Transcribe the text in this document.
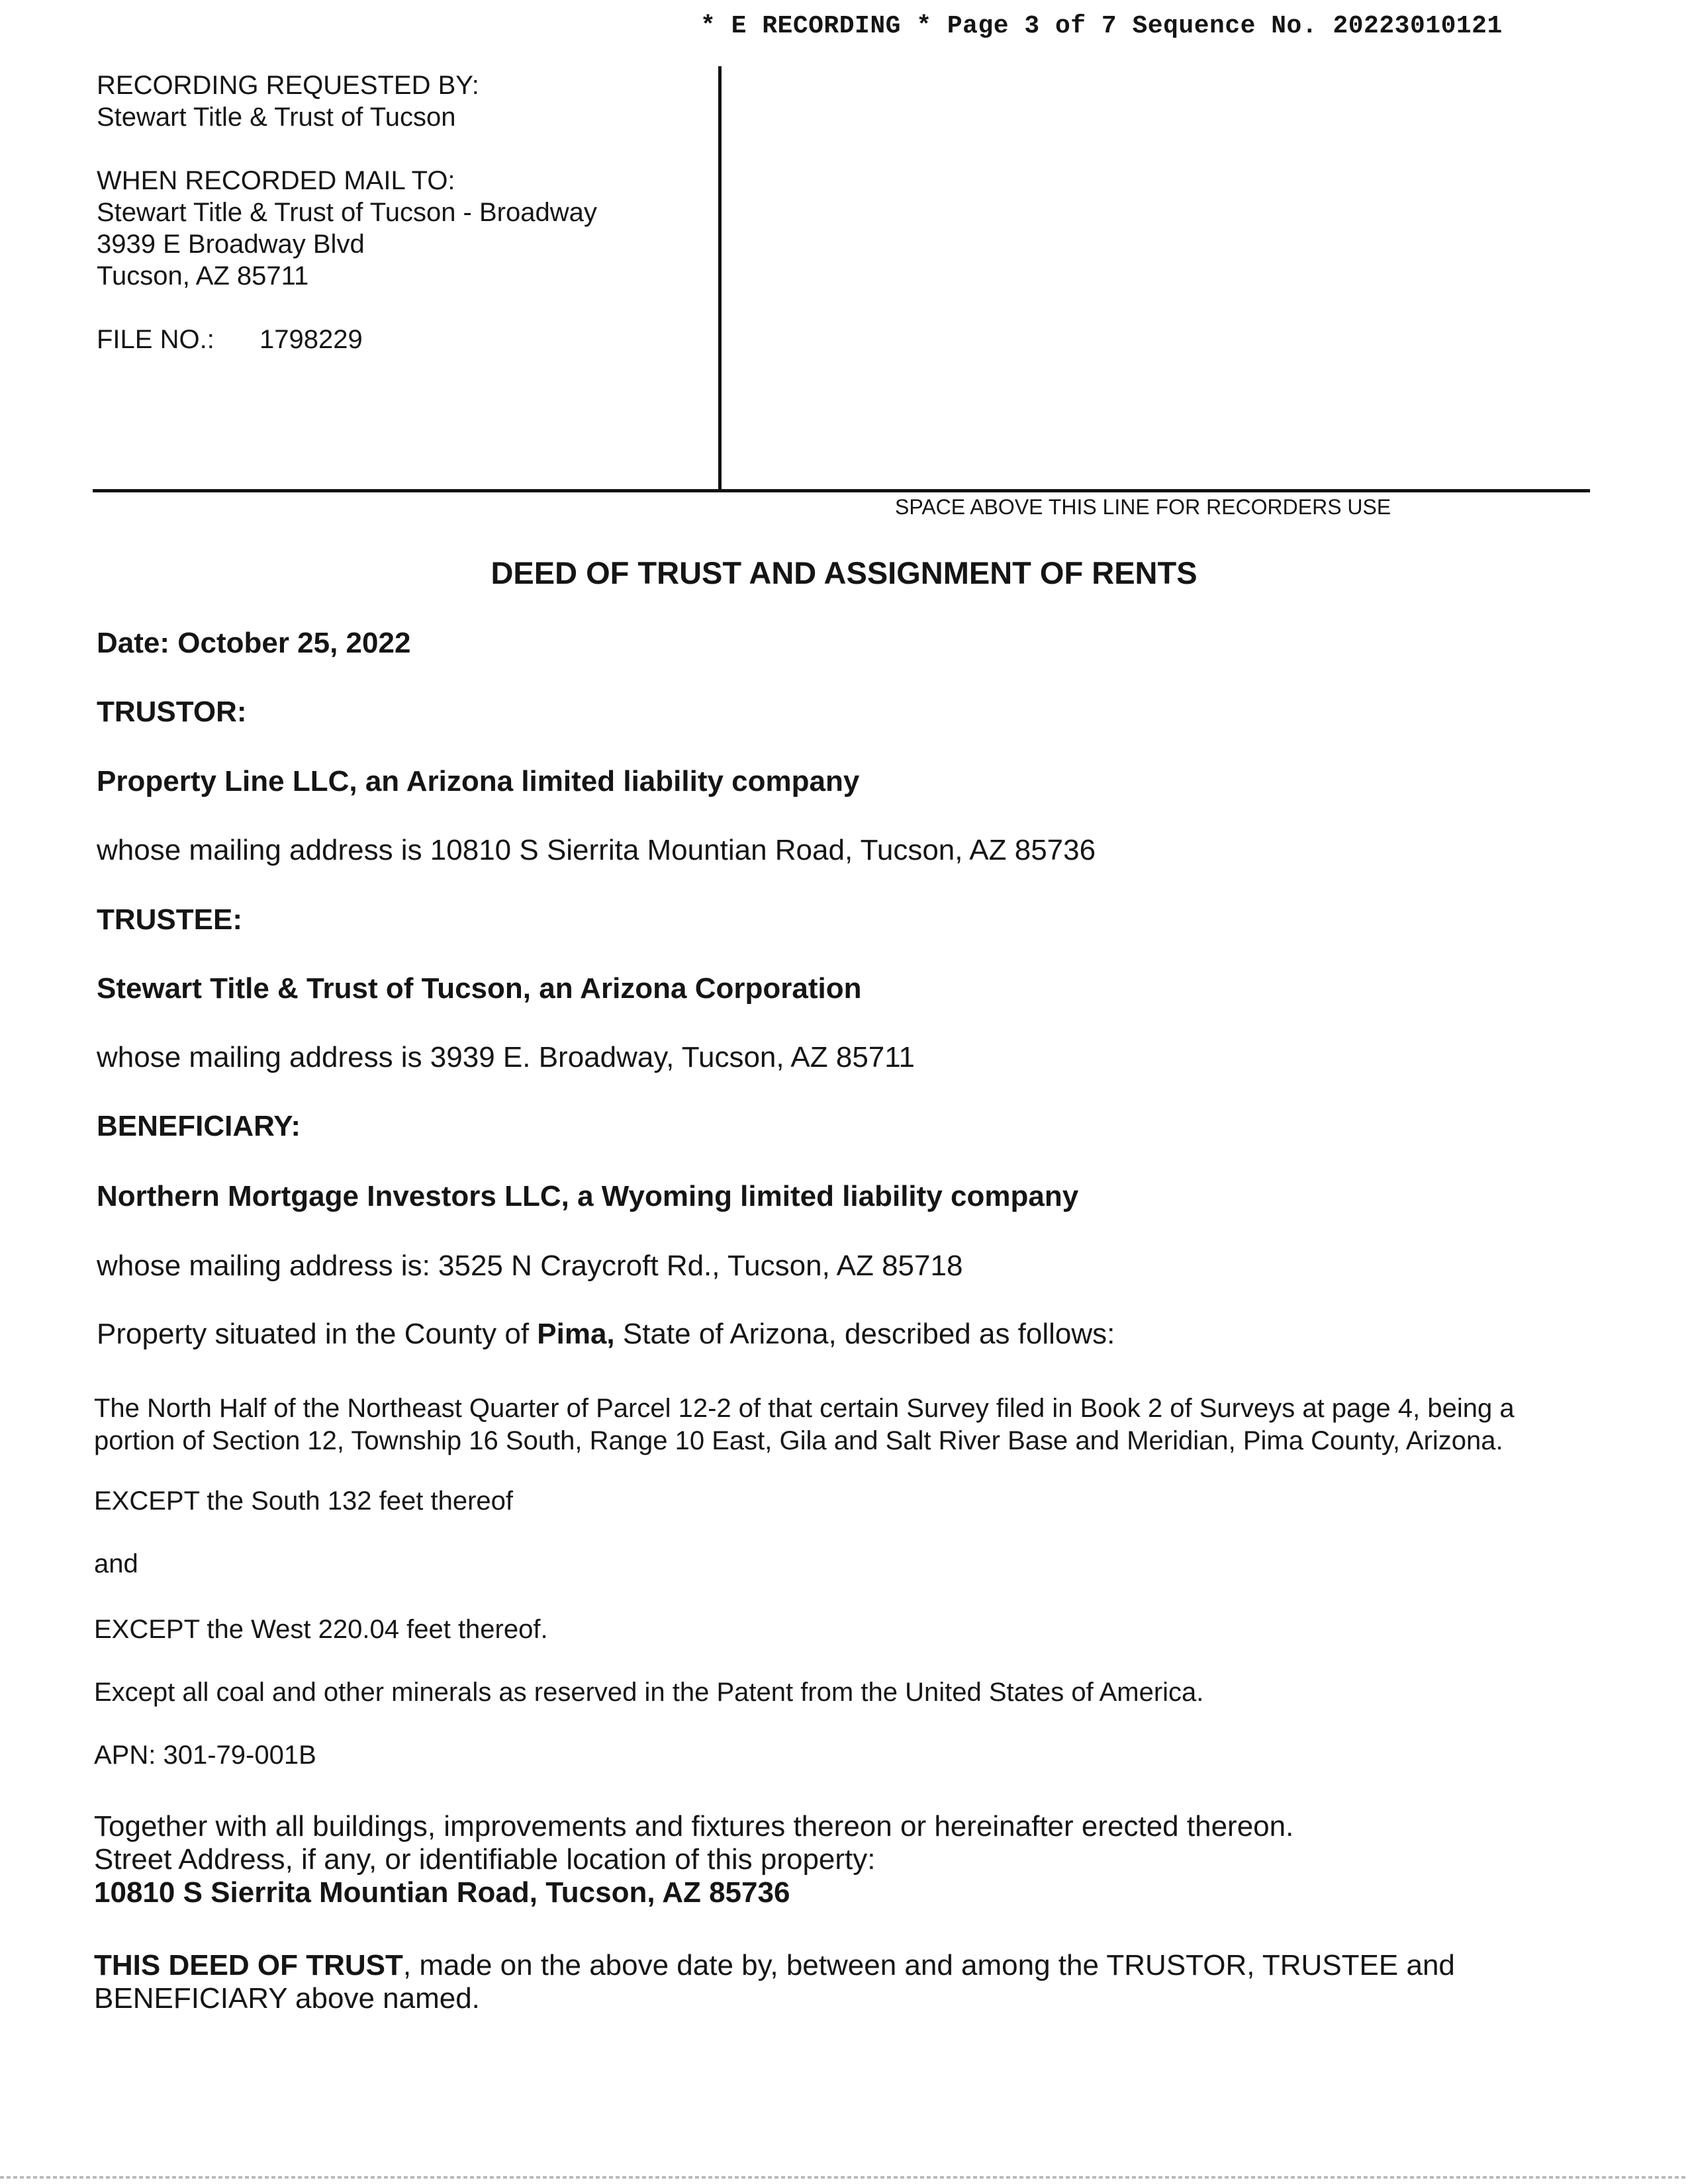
* E RECORDING * Page 3 of 7 Sequence No. 20223010121
RECORDING REQUESTED BY:
Stewart Title & Trust of Tucson
WHEN RECORDED MAIL TO:
Stewart Title & Trust of Tucson - Broadway
3939 E Broadway Blvd
Tucson, AZ 85711
FILE NO.: 1798229
SPACE ABOVE THIS LINE FOR RECORDERS USE
DEED OF TRUST AND ASSIGNMENT OF RENTS
Date: October 25, 2022
TRUSTOR:
Property Line LLC, an Arizona limited liability company
whose mailing address is 10810 S Sierrita Mountian Road, Tucson, AZ 85736
TRUSTEE:
Stewart Title & Trust of Tucson, an Arizona Corporation
whose mailing address is 3939 E. Broadway, Tucson, AZ 85711
BENEFICIARY:
Northern Mortgage Investors LLC, a Wyoming limited liability company
whose mailing address is: 3525 N Craycroft Rd., Tucson, AZ 85718
Property situated in the County of Pima, State of Arizona, described as follows:
The North Half of the Northeast Quarter of Parcel 12-2 of that certain Survey filed in Book 2 of Surveys at page 4, being a
portion of Section 12, Township 16 South, Range 10 East, Gila and Salt River Base and Meridian, Pima County, Arizona.
EXCEPT the South 132 feet thereof
and
EXCEPT the West 220.04 feet thereof.
Except all coal and other minerals as reserved in the Patent from the United States of America.
APN: 301-79-001B
Together with all buildings, improvements and fixtures thereon or hereinafter erected thereon.
Street Address, if any, or identifiable location of this property:
10810 S Sierrita Mountian Road, Tucson, AZ 85736
THIS DEED OF TRUST, made on the above date by, between and among the TRUSTOR, TRUSTEE and
BENEFICIARY above named.
